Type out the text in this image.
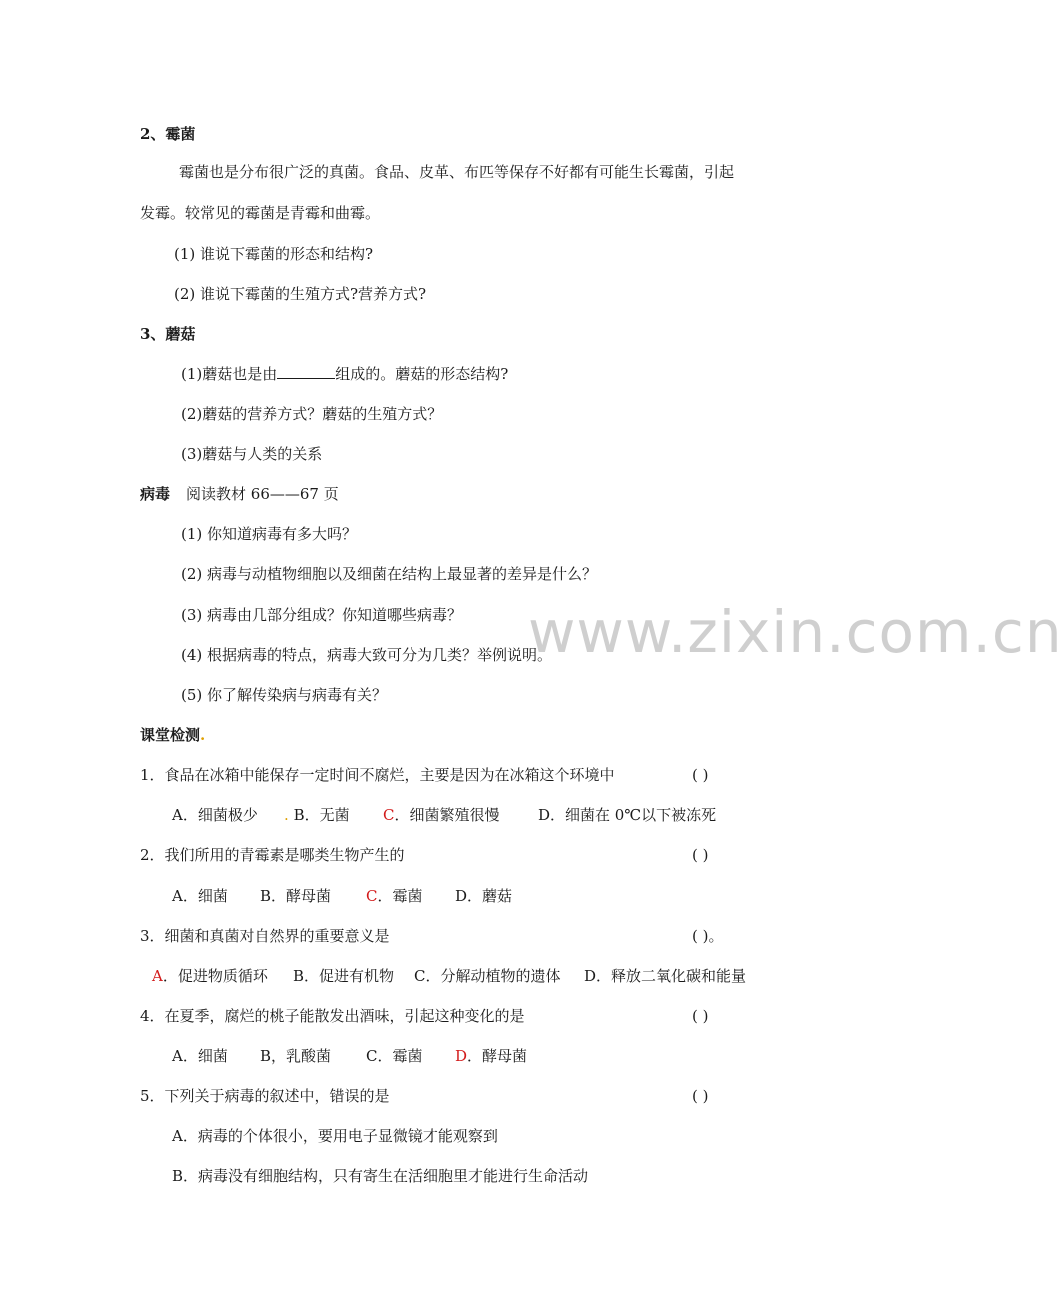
www.zixin.com.cn
2、霉菌
霉菌也是分布很广泛的真菌。食品、皮革、布匹等保存不好都有可能生长霉菌，引起
发霉。较常见的霉菌是青霉和曲霉。
(1) 谁说下霉菌的形态和结构?
(2) 谁说下霉菌的生殖方式?营养方式?
3、蘑菇
(1)蘑菇也是由	组成的。蘑菇的形态结构?
(2)蘑菇的营养方式？蘑菇的生殖方式？
(3)蘑菇与人类的关系
病毒 阅读教材 66——67 页
(1) 你知道病毒有多大吗？
(2) 病毒与动植物细胞以及细菌在结构上最显著的差异是什么？
(3) 病毒由几部分组成？你知道哪些病毒？
(4) 根据病毒的特点，病毒大致可分为几类？举例说明。
(5) 你了解传染病与病毒有关？
课堂检测.
1．食品在冰箱中能保存一定时间不腐烂，主要是因为在冰箱这个环境中	( )
A．细菌极少 . B．无菌 C．细菌繁殖很慢	D．细菌在 0℃以下被冻死
2．我们所用的青霉素是哪类生物产生的	( )
A．细菌 B．酵母菌 C．霉菌 D．蘑菇
3．细菌和真菌对自然界的重要意义是	( )。
A．促进物质循环 B．促进有机物 C．分解动植物的遗体 D．释放二氧化碳和能量
4．在夏季，腐烂的桃子能散发出酒味，引起这种变化的是	( )
A．细菌 B，乳酸菌 C．霉菌 D．酵母菌
5．下列关于病毒的叙述中，错误的是	( )
A．病毒的个体很小，要用电子显微镜才能观察到
B．病毒没有细胞结构，只有寄生在活细胞里才能进行生命活动
